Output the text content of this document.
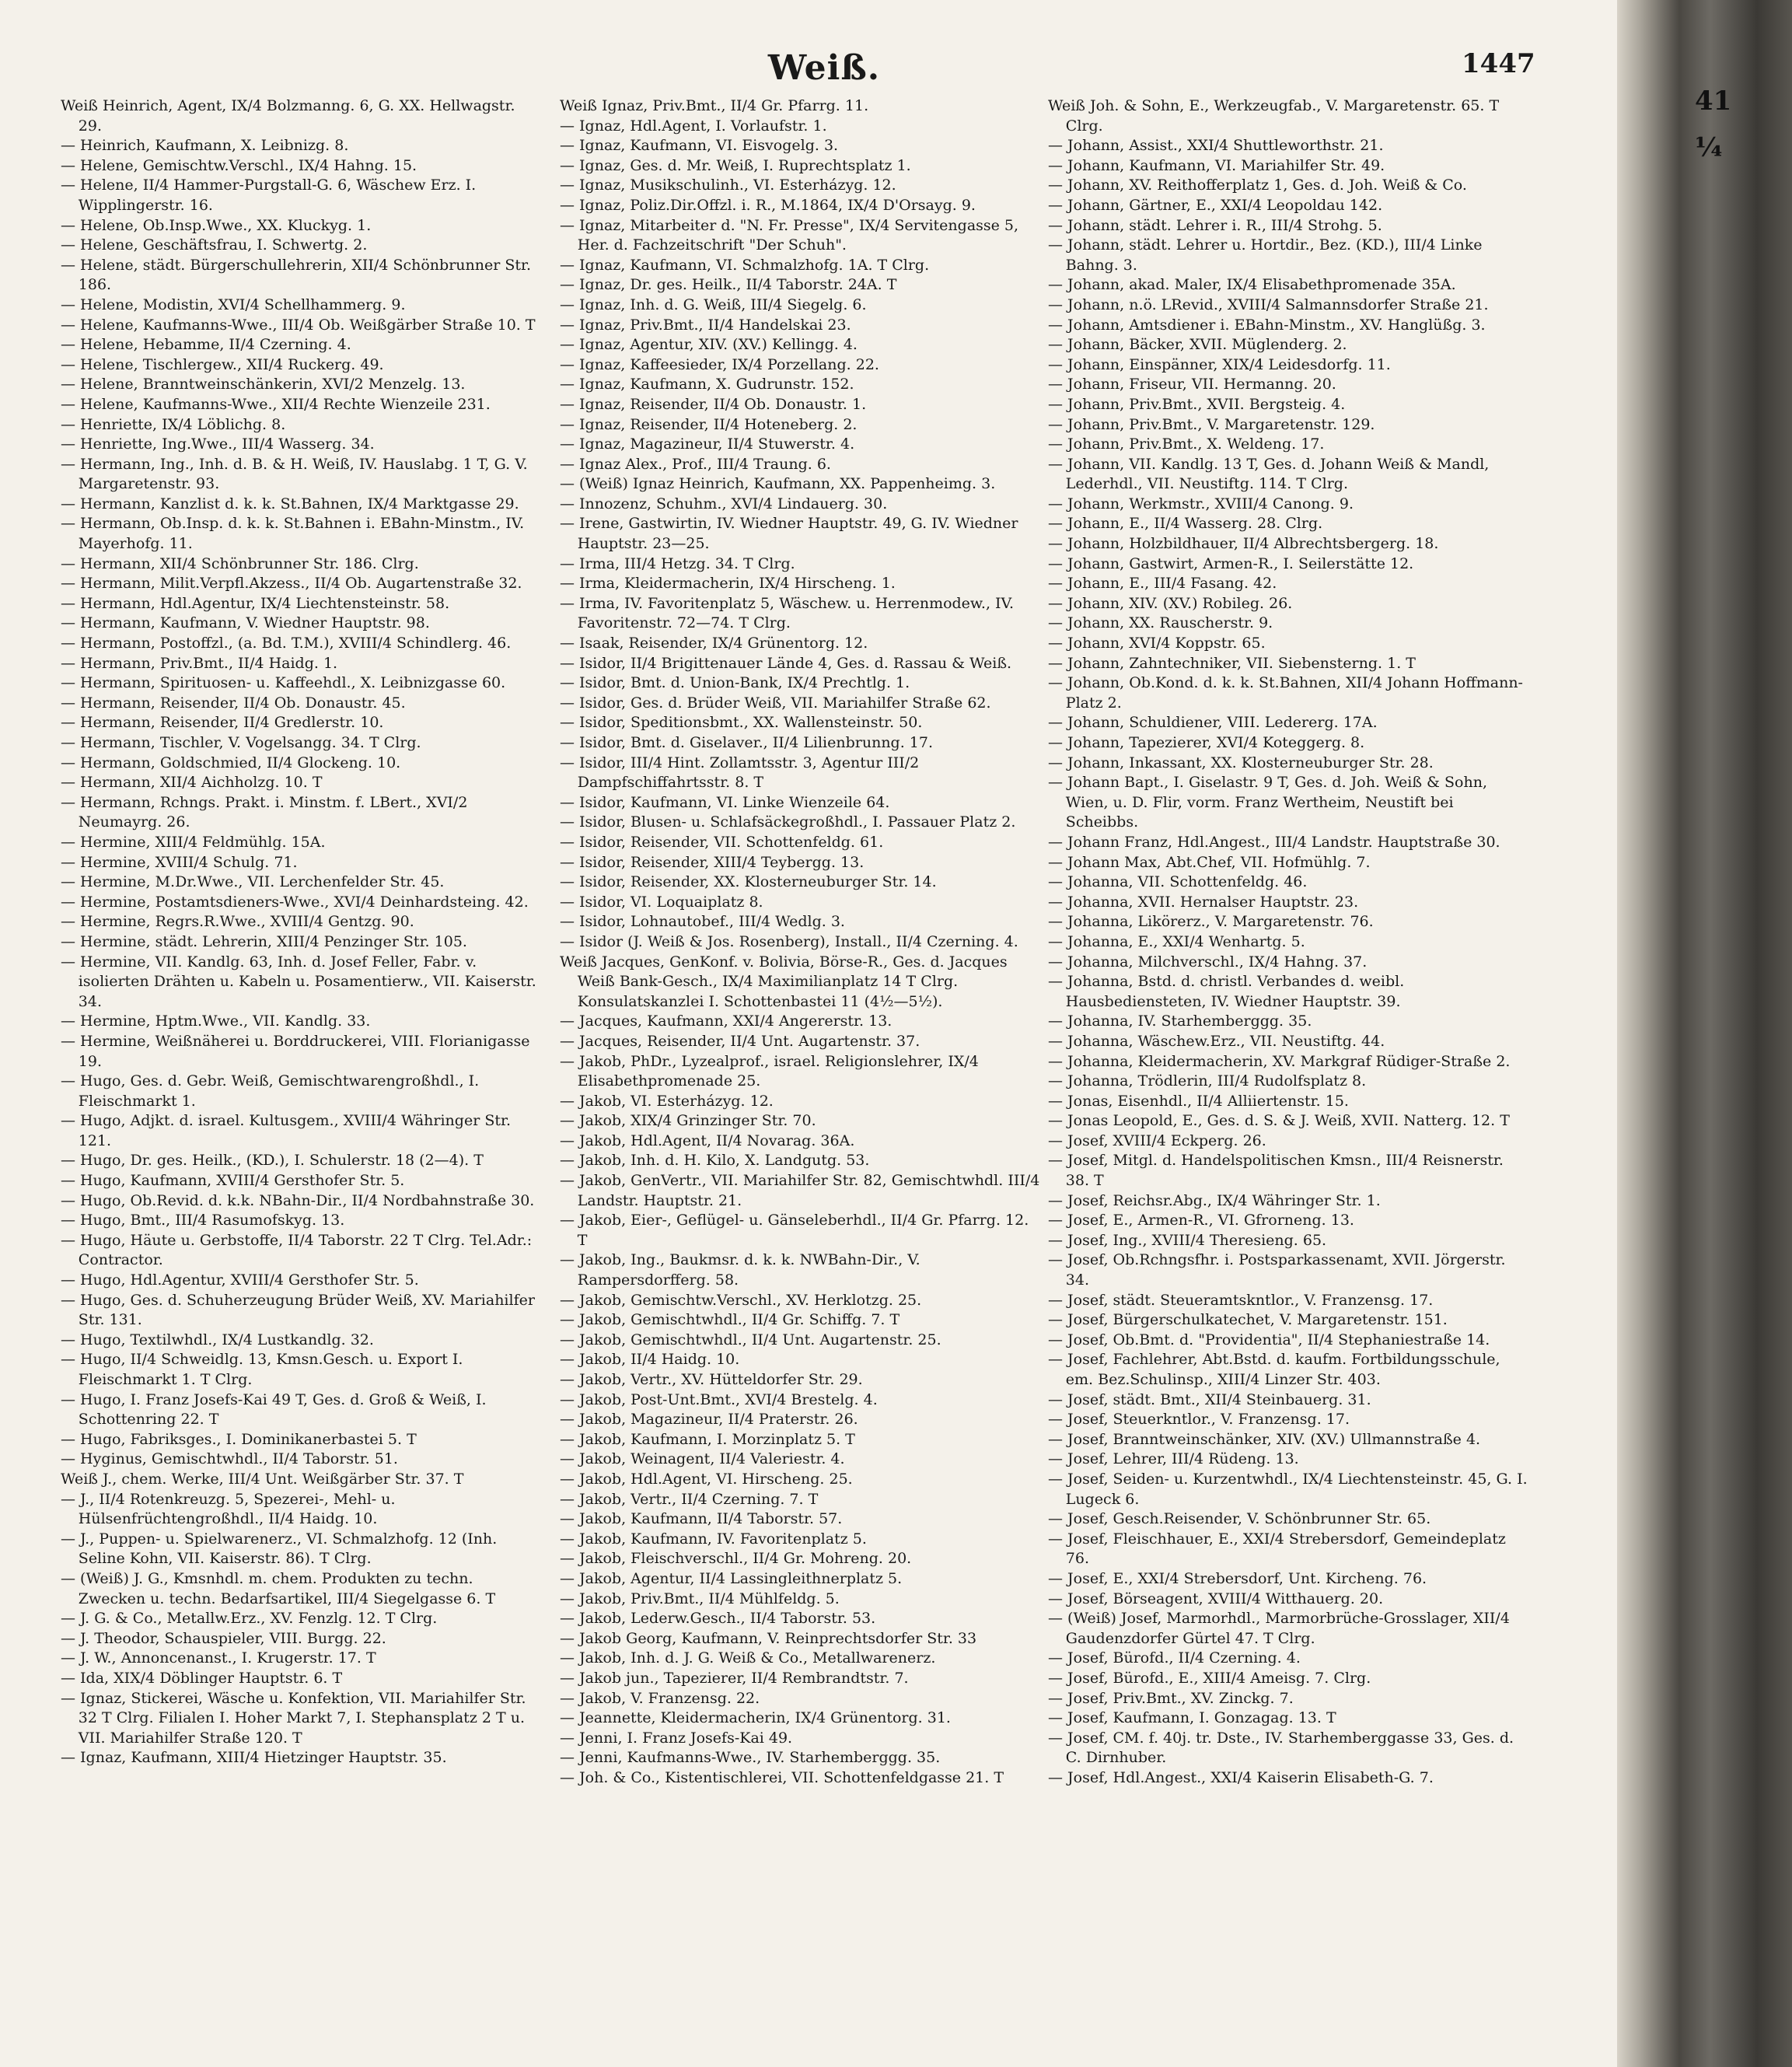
Weiß.	1447

Weiß Heinrich, Agent, IX/4 Bolzmanng. 6, G. XX. Hellwagstr. 29.

— Heinrich, Kaufmann, X. Leibnizg. 8.

— Helene, Gemischtw.Verschl., IX/4 Hahng. 15.

— Helene, II/4 Hammer-Purgstall-G. 6, Wäschew Erz. I. Wipplingerstr. 16.

— Helene, Ob.Insp.Wwe., XX. Kluckyg. 1.

— Helene, Geschäftsfrau, I. Schwertg. 2.

— Helene, städt. Bürgerschullehrerin, XII/4 Schönbrunner Str. 186.

— Helene, Modistin, XVI/4 Schellhammerg. 9.

— Helene, Kaufmanns-Wwe., III/4 Ob. Weißgärber Straße 10. T

— Helene, Hebamme, II/4 Czerning. 4.

— Helene, Tischlergew., XII/4 Ruckerg. 49.

— Helene, Branntweinschänkerin, XVI/2 Menzelg. 13.

— Helene, Kaufmanns-Wwe., XII/4 Rechte Wienzeile 231.

— Henriette, IX/4 Löblichg. 8.

— Henriette, Ing.Wwe., III/4 Wasserg. 34.

— Hermann, Ing., Inh. d. B. & H. Weiß, IV. Hauslabg. 1 T, G. V. Margaretenstr. 93.

— Hermann, Kanzlist d. k. k. St.Bahnen, IX/4 Marktgasse 29.

— Hermann, Ob.Insp. d. k. k. St.Bahnen i. EBahn-Minstm., IV. Mayerhofg. 11.

— Hermann, XII/4 Schönbrunner Str. 186. Clrg.

— Hermann, Milit.Verpfl.Akzess., II/4 Ob. Augartenstraße 32.

— Hermann, Hdl.Agentur, IX/4 Liechtensteinstr. 58.

— Hermann, Kaufmann, V. Wiedner Hauptstr. 98.

— Hermann, Postoffzl., (a. Bd. T.M.), XVIII/4 Schindlerg. 46.

— Hermann, Priv.Bmt., II/4 Haidg. 1.

— Hermann, Spirituosen- u. Kaffeehdl., X. Leibnizgasse 60.

— Hermann, Reisender, II/4 Ob. Donaustr. 45.

— Hermann, Reisender, II/4 Gredlerstr. 10.

— Hermann, Tischler, V. Vogelsangg. 34. T Clrg.

— Hermann, Goldschmied, II/4 Glockeng. 10.

— Hermann, XII/4 Aichholzg. 10. T

— Hermann, Rchngs. Prakt. i. Minstm. f. LBert., XVI/2 Neumayrg. 26.

— Hermine, XIII/4 Feldmühlg. 15A.

— Hermine, XVIII/4 Schulg. 71.

— Hermine, M.Dr.Wwe., VII. Lerchenfelder Str. 45.

— Hermine, Postamtsdieners-Wwe., XVI/4 Deinhardsteing. 42.

— Hermine, Regrs.R.Wwe., XVIII/4 Gentzg. 90.

— Hermine, städt. Lehrerin, XIII/4 Penzinger Str. 105.

— Hermine, VII. Kandlg. 63, Inh. d. Josef Feller, Fabr. v. isolierten Drähten u. Kabeln u. Posamentierw., VII. Kaiserstr. 34.

— Hermine, Hptm.Wwe., VII. Kandlg. 33.

— Hermine, Weißnäherei u. Borddruckerei, VIII. Florianigasse 19.

— Hugo, Ges. d. Gebr. Weiß, Gemischtwarengroßhdl., I. Fleischmarkt 1.

— Hugo, Adjkt. d. israel. Kultusgem., XVIII/4 Währinger Str. 121.

— Hugo, Dr. ges. Heilk., (KD.), I. Schulerstr. 18 (2—4). T

— Hugo, Kaufmann, XVIII/4 Gersthofer Str. 5.

— Hugo, Ob.Revid. d. k.k. NBahn-Dir., II/4 Nordbahnstraße 30.

— Hugo, Bmt., III/4 Rasumofskyg. 13.

— Hugo, Häute u. Gerbstoffe, II/4 Taborstr. 22 T Clrg. Tel.Adr.: Contractor.

— Hugo, Hdl.Agentur, XVIII/4 Gersthofer Str. 5.

— Hugo, Ges. d. Schuherzeugung Brüder Weiß, XV. Mariahilfer Str. 131.

— Hugo, Textilwhdl., IX/4 Lustkandlg. 32.

— Hugo, II/4 Schweidlg. 13, Kmsn.Gesch. u. Export I. Fleischmarkt 1. T Clrg.

— Hugo, I. Franz Josefs-Kai 49 T, Ges. d. Groß & Weiß, I. Schottenring 22. T

— Hugo, Fabriksges., I. Dominikanerbastei 5. T

— Hyginus, Gemischtwhdl., II/4 Taborstr. 51.

Weiß J., chem. Werke, III/4 Unt. Weißgärber Str. 37. T

— J., II/4 Rotenkreuzg. 5, Spezerei-, Mehl- u. Hülsenfrüchtengroßhdl., II/4 Haidg. 10.

— J., Puppen- u. Spielwarenerz., VI. Schmalzhofg. 12 (Inh. Seline Kohn, VII. Kaiserstr. 86). T Clrg.

— (Weiß) J. G., Kmsnhdl. m. chem. Produkten zu techn. Zwecken u. techn. Bedarfsartikel, III/4 Siegelgasse 6. T

— J. G. & Co., Metallw.Erz., XV. Fenzlg. 12. T Clrg.

— J. Theodor, Schauspieler, VIII. Burgg. 22.

— J. W., Annoncenanst., I. Krugerstr. 17. T

— Ida, XIX/4 Döblinger Hauptstr. 6. T

— Ignaz, Stickerei, Wäsche u. Konfektion, VII. Mariahilfer Str. 32 T Clrg. Filialen I. Hoher Markt 7, I. Stephansplatz 2 T u. VII. Mariahilfer Straße 120. T

— Ignaz, Kaufmann, XIII/4 Hietzinger Hauptstr. 35.

Weiß Ignaz, Priv.Bmt., II/4 Gr. Pfarrg. 11.

— Ignaz, Hdl.Agent, I. Vorlaufstr. 1.

— Ignaz, Kaufmann, VI. Eisvogelg. 3.

— Ignaz, Ges. d. Mr. Weiß, I. Ruprechtsplatz 1.

— Ignaz, Musikschulinh., VI. Esterházyg. 12.

— Ignaz, Poliz.Dir.Offzl. i. R., M.1864, IX/4 D'Orsayg. 9.

— Ignaz, Mitarbeiter d. "N. Fr. Presse", IX/4 Servitengasse 5, Her. d. Fachzeitschrift "Der Schuh".

— Ignaz, Kaufmann, VI. Schmalzhofg. 1A. T Clrg.

— Ignaz, Dr. ges. Heilk., II/4 Taborstr. 24A. T

— Ignaz, Inh. d. G. Weiß, III/4 Siegelg. 6.

— Ignaz, Priv.Bmt., II/4 Handelskai 23.

— Ignaz, Agentur, XIV. (XV.) Kellingg. 4.

— Ignaz, Kaffeesieder, IX/4 Porzellang. 22.

— Ignaz, Kaufmann, X. Gudrunstr. 152.

— Ignaz, Reisender, II/4 Ob. Donaustr. 1.

— Ignaz, Reisender, II/4 Hoteneberg. 2.

— Ignaz, Magazineur, II/4 Stuwerstr. 4.

— Ignaz Alex., Prof., III/4 Traung. 6.

— (Weiß) Ignaz Heinrich, Kaufmann, XX. Pappenheimg. 3.

— Innozenz, Schuhm., XVI/4 Lindauerg. 30.

— Irene, Gastwirtin, IV. Wiedner Hauptstr. 49, G. IV. Wiedner Hauptstr. 23—25.

— Irma, III/4 Hetzg. 34. T Clrg.

— Irma, Kleidermacherin, IX/4 Hirscheng. 1.

— Irma, IV. Favoritenplatz 5, Wäschew. u. Herrenmodew., IV. Favoritenstr. 72—74. T Clrg.

— Isaak, Reisender, IX/4 Grünentorg. 12.

— Isidor, II/4 Brigittenauer Lände 4, Ges. d. Rassau & Weiß.

— Isidor, Bmt. d. Union-Bank, IX/4 Prechtlg. 1.

— Isidor, Ges. d. Brüder Weiß, VII. Mariahilfer Straße 62.

— Isidor, Speditionsbmt., XX. Wallensteinstr. 50.

— Isidor, Bmt. d. Giselaver., II/4 Lilienbrunng. 17.

— Isidor, III/4 Hint. Zollamtsstr. 3, Agentur III/2 Dampfschiffahrtsstr. 8. T

— Isidor, Kaufmann, VI. Linke Wienzeile 64.

— Isidor, Blusen- u. Schlafsäckegroßhdl., I. Passauer Platz 2.

— Isidor, Reisender, VII. Schottenfeldg. 61.

— Isidor, Reisender, XIII/4 Teybergg. 13.

— Isidor, Reisender, XX. Klosterneuburger Str. 14.

— Isidor, VI. Loquaiplatz 8.

— Isidor, Lohnautobef., III/4 Wedlg. 3.

— Isidor (J. Weiß & Jos. Rosenberg), Install., II/4 Czerning. 4.

Weiß Jacques, GenKonf. v. Bolivia, Börse-R., Ges. d. Jacques Weiß Bank-Gesch., IX/4 Maximilianplatz 14 T Clrg. Konsulatskanzlei I. Schottenbastei 11 (4½—5½).

— Jacques, Kaufmann, XXI/4 Angererstr. 13.

— Jacques, Reisender, II/4 Unt. Augartenstr. 37.

— Jakob, PhDr., Lyzealprof., israel. Religionslehrer, IX/4 Elisabethpromenade 25.

— Jakob, VI. Esterházyg. 12.

— Jakob, XIX/4 Grinzinger Str. 70.

— Jakob, Hdl.Agent, II/4 Novarag. 36A.

— Jakob, Inh. d. H. Kilo, X. Landgutg. 53.

— Jakob, GenVertr., VII. Mariahilfer Str. 82, Gemischtwhdl. III/4 Landstr. Hauptstr. 21.

— Jakob, Eier-, Geflügel- u. Gänseleberhdl., II/4 Gr. Pfarrg. 12. T

— Jakob, Ing., Baukmsr. d. k. k. NWBahn-Dir., V. Rampersdorfferg. 58.

— Jakob, Gemischtw.Verschl., XV. Herklotzg. 25.

— Jakob, Gemischtwhdl., II/4 Gr. Schiffg. 7. T

— Jakob, Gemischtwhdl., II/4 Unt. Augartenstr. 25.

— Jakob, II/4 Haidg. 10.

— Jakob, Vertr., XV. Hütteldorfer Str. 29.

— Jakob, Post-Unt.Bmt., XVI/4 Brestelg. 4.

— Jakob, Magazineur, II/4 Praterstr. 26.

— Jakob, Kaufmann, I. Morzinplatz 5. T

— Jakob, Weinagent, II/4 Valeriestr. 4.

— Jakob, Hdl.Agent, VI. Hirscheng. 25.

— Jakob, Vertr., II/4 Czerning. 7. T

— Jakob, Kaufmann, II/4 Taborstr. 57.

— Jakob, Kaufmann, IV. Favoritenplatz 5.

— Jakob, Fleischverschl., II/4 Gr. Mohreng. 20.

— Jakob, Agentur, II/4 Lassingleithnerplatz 5.

— Jakob, Priv.Bmt., II/4 Mühlfeldg. 5.

— Jakob, Lederw.Gesch., II/4 Taborstr. 53.

— Jakob Georg, Kaufmann, V. Reinprechtsdorfer Str. 33

— Jakob, Inh. d. J. G. Weiß & Co., Metallwarenerz.

— Jakob jun., Tapezierer, II/4 Rembrandtstr. 7.

— Jakob, V. Franzensg. 22.

— Jeannette, Kleidermacherin, IX/4 Grünentorg. 31.

— Jenni, I. Franz Josefs-Kai 49.

— Jenni, Kaufmanns-Wwe., IV. Starhemberggg. 35.

— Joh. & Co., Kistentischlerei, VII. Schottenfeldgasse 21. T

Weiß Joh. & Sohn, E., Werkzeugfab., V. Margaretenstr. 65. T Clrg.

— Johann, Assist., XXI/4 Shuttleworthstr. 21.

— Johann, Kaufmann, VI. Mariahilfer Str. 49.

— Johann, XV. Reithofferplatz 1, Ges. d. Joh. Weiß & Co.

— Johann, Gärtner, E., XXI/4 Leopoldau 142.

— Johann, städt. Lehrer i. R., III/4 Strohg. 5.

— Johann, städt. Lehrer u. Hortdir., Bez. (KD.), III/4 Linke Bahng. 3.

— Johann, akad. Maler, IX/4 Elisabethpromenade 35A.

— Johann, n.ö. LRevid., XVIII/4 Salmannsdorfer Straße 21.

— Johann, Amtsdiener i. EBahn-Minstm., XV. Hanglüßg. 3.

— Johann, Bäcker, XVII. Müglenderg. 2.

— Johann, Einspänner, XIX/4 Leidesdorfg. 11.

— Johann, Friseur, VII. Hermanng. 20.

— Johann, Priv.Bmt., XVII. Bergsteig. 4.

— Johann, Priv.Bmt., V. Margaretenstr. 129.

— Johann, Priv.Bmt., X. Weldeng. 17.

— Johann, VII. Kandlg. 13 T, Ges. d. Johann Weiß & Mandl, Lederhdl., VII. Neustiftg. 114. T Clrg.

— Johann, Werkmstr., XVIII/4 Canong. 9.

— Johann, E., II/4 Wasserg. 28. Clrg.

— Johann, Holzbildhauer, II/4 Albrechtsbergerg. 18.

— Johann, Gastwirt, Armen-R., I. Seilerstätte 12.

— Johann, E., III/4 Fasang. 42.

— Johann, XIV. (XV.) Robileg. 26.

— Johann, XX. Rauscherstr. 9.

— Johann, XVI/4 Koppstr. 65.

— Johann, Zahntechniker, VII. Siebensterng. 1. T

— Johann, Ob.Kond. d. k. k. St.Bahnen, XII/4 Johann Hoffmann-Platz 2.

— Johann, Schuldiener, VIII. Ledererg. 17A.

— Johann, Tapezierer, XVI/4 Koteggerg. 8.

— Johann, Inkassant, XX. Klosterneuburger Str. 28.

— Johann Bapt., I. Giselastr. 9 T, Ges. d. Joh. Weiß & Sohn, Wien, u. D. Flir, vorm. Franz Wertheim, Neustift bei Scheibbs.

— Johann Franz, Hdl.Angest., III/4 Landstr. Hauptstraße 30.

— Johann Max, Abt.Chef, VII. Hofmühlg. 7.

— Johanna, VII. Schottenfeldg. 46.

— Johanna, XVII. Hernalser Hauptstr. 23.

— Johanna, Likörerz., V. Margaretenstr. 76.

— Johanna, E., XXI/4 Wenhartg. 5.

— Johanna, Milchverschl., IX/4 Hahng. 37.

— Johanna, Bstd. d. christl. Verbandes d. weibl. Hausbediensteten, IV. Wiedner Hauptstr. 39.

— Johanna, IV. Starhemberggg. 35.

— Johanna, Wäschew.Erz., VII. Neustiftg. 44.

— Johanna, Kleidermacherin, XV. Markgraf Rüdiger-Straße 2.

— Johanna, Trödlerin, III/4 Rudolfsplatz 8.

— Jonas, Eisenhdl., II/4 Alliiertenstr. 15.

— Jonas Leopold, E., Ges. d. S. & J. Weiß, XVII. Natterg. 12. T

— Josef, XVIII/4 Eckperg. 26.

— Josef, Mitgl. d. Handelspolitischen Kmsn., III/4 Reisnerstr. 38. T

— Josef, Reichsr.Abg., IX/4 Währinger Str. 1.

— Josef, E., Armen-R., VI. Gfrorneng. 13.

— Josef, Ing., XVIII/4 Theresieng. 65.

— Josef, Ob.Rchngsfhr. i. Postsparkassenamt, XVII. Jörgerstr. 34.

— Josef, städt. Steueramtskntlor., V. Franzensg. 17.

— Josef, Bürgerschulkatechet, V. Margaretenstr. 151.

— Josef, Ob.Bmt. d. "Providentia", II/4 Stephaniestraße 14.

— Josef, Fachlehrer, Abt.Bstd. d. kaufm. Fortbildungsschule, em. Bez.Schulinsp., XIII/4 Linzer Str. 403.

— Josef, städt. Bmt., XII/4 Steinbauerg. 31.

— Josef, Steuerkntlor., V. Franzensg. 17.

— Josef, Branntweinschänker, XIV. (XV.) Ullmannstraße 4.

— Josef, Lehrer, III/4 Rüdeng. 13.

— Josef, Seiden- u. Kurzentwhdl., IX/4 Liechtensteinstr. 45, G. I. Lugeck 6.

— Josef, Gesch.Reisender, V. Schönbrunner Str. 65.

— Josef, Fleischhauer, E., XXI/4 Strebersdorf, Gemeindeplatz 76.

— Josef, E., XXI/4 Strebersdorf, Unt. Kircheng. 76.

— Josef, Börseagent, XVIII/4 Witthauerg. 20.

— (Weiß) Josef, Marmorhdl., Marmorbrüche-Grosslager, XII/4 Gaudenzdorfer Gürtel 47. T Clrg.

— Josef, Bürofd., II/4 Czerning. 4.

— Josef, Bürofd., E., XIII/4 Ameisg. 7. Clrg.

— Josef, Priv.Bmt., XV. Zinckg. 7.

— Josef, Kaufmann, I. Gonzagag. 13. T

— Josef, CM. f. 40j. tr. Dste., IV. Starhemberggasse 33, Ges. d. C. Dirnhuber.

— Josef, Hdl.Angest., XXI/4 Kaiserin Elisabeth-G. 7.

41
¼
